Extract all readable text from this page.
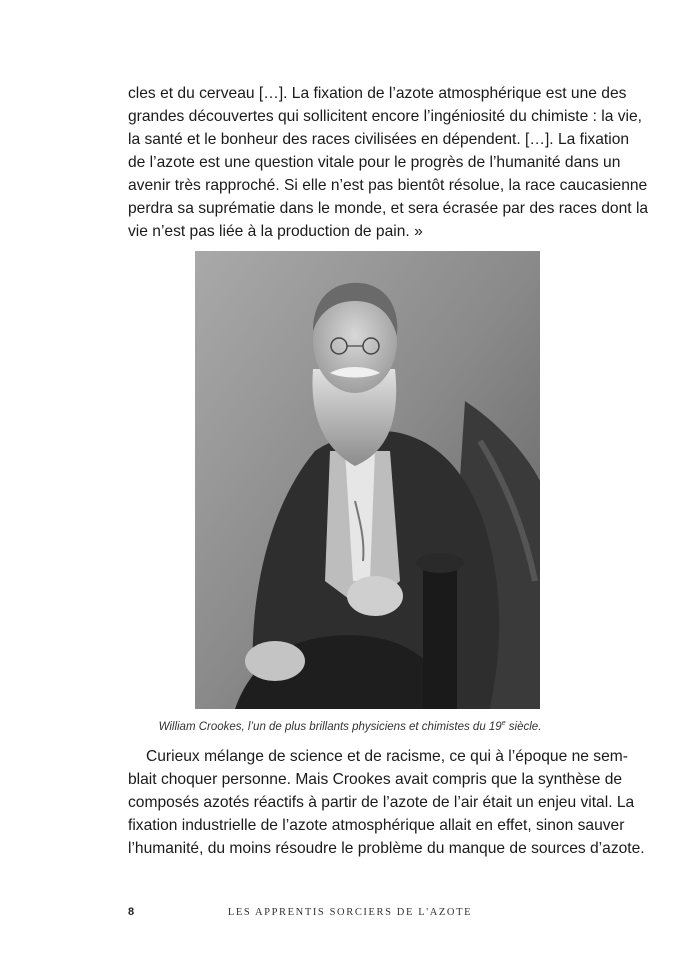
cles et du cerveau […]. La fixation de l’azote atmosphérique est une des
grandes découvertes qui sollicitent encore l’ingéniosité du chimiste : la vie,
la santé et le bonheur des races civilisées en dépendent. […]. La fixation
de l’azote est une question vitale pour le progrès de l’humanité dans un
avenir très rapproché. Si elle n’est pas bientôt résolue, la race caucasienne
perdra sa suprématie dans le monde, et sera écrasée par des races dont la
vie n’est pas liée à la production de pain. »
William Crookes, l’un de plus brillants physiciens et chimistes du 19e siècle.
Curieux mélange de science et de racisme, ce qui à l’époque ne sem-
blait choquer personne. Mais Crookes avait compris que la synthèse de
composés azotés réactifs à partir de l’azote de l’air était un enjeu vital. La
fixation industrielle de l’azote atmosphérique allait en effet, sinon sauver
l’humanité, du moins résoudre le problème du manque de sources d’azote.
8	LES APPRENTIS SORCIERS DE L'AZOTE
